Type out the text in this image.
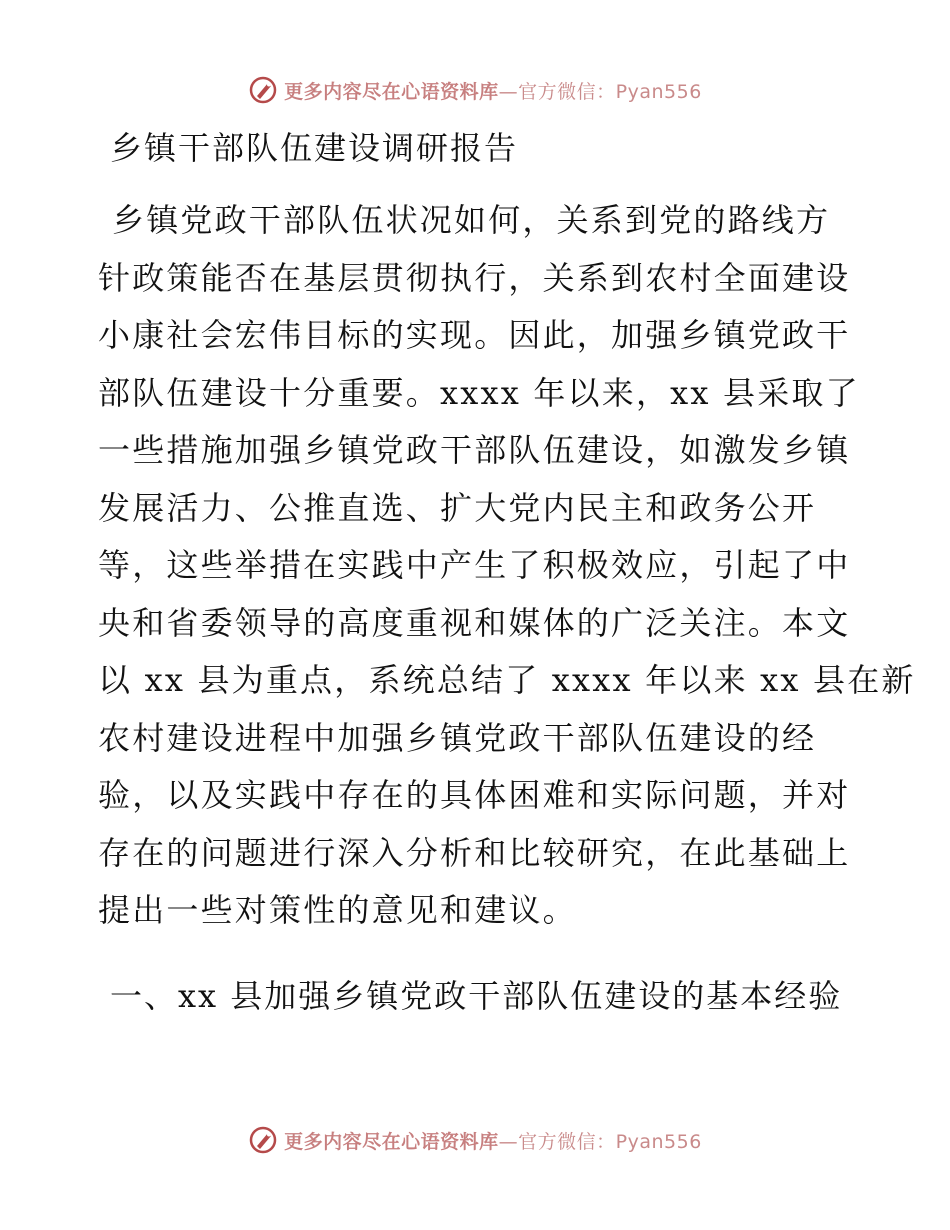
更多内容尽在心语资料库—官方微信：Pyan556
乡镇干部队伍建设调研报告
乡镇党政干部队伍状况如何，关系到党的路线方
针政策能否在基层贯彻执行，关系到农村全面建设
小康社会宏伟目标的实现。因此，加强乡镇党政干
部队伍建设十分重要。xxxx 年以来，xx 县采取了
一些措施加强乡镇党政干部队伍建设，如激发乡镇
发展活力、公推直选、扩大党内民主和政务公开
等，这些举措在实践中产生了积极效应，引起了中
央和省委领导的高度重视和媒体的广泛关注。本文
以 xx 县为重点，系统总结了 xxxx 年以来 xx 县在新
农村建设进程中加强乡镇党政干部队伍建设的经
验，以及实践中存在的具体困难和实际问题，并对
存在的问题进行深入分析和比较研究，在此基础上
提出一些对策性的意见和建议。
一、xx 县加强乡镇党政干部队伍建设的基本经验
更多内容尽在心语资料库—官方微信：Pyan556
